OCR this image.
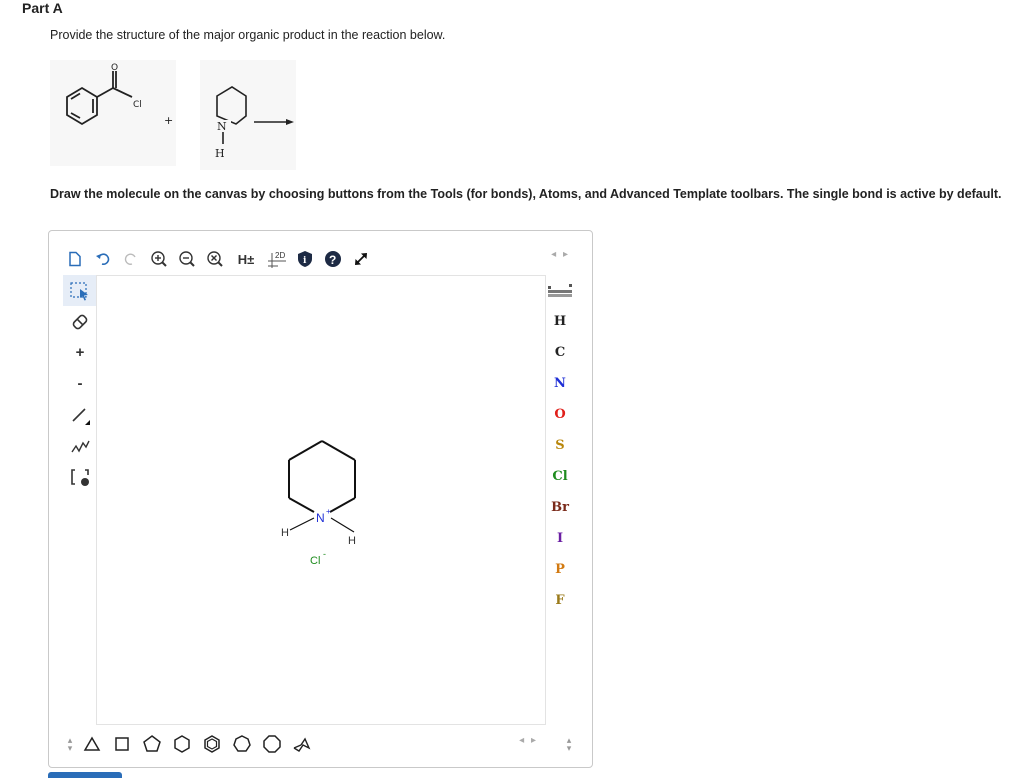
Part A
Provide the structure of the major organic product in the reaction below.
O
Cl
+	N
H
Draw the molecule on the canvas by choosing buttons from the Tools (for bonds), Atoms, and Advanced Template toolbars. The single bond is active by default.
H±	2D
i ?	◂ ▸
+
-
N +
H
H
Cl
-
H
C
N
O
S
Cl
Br
I
P
F
▴
▾
◂ ▸	▴
▾
